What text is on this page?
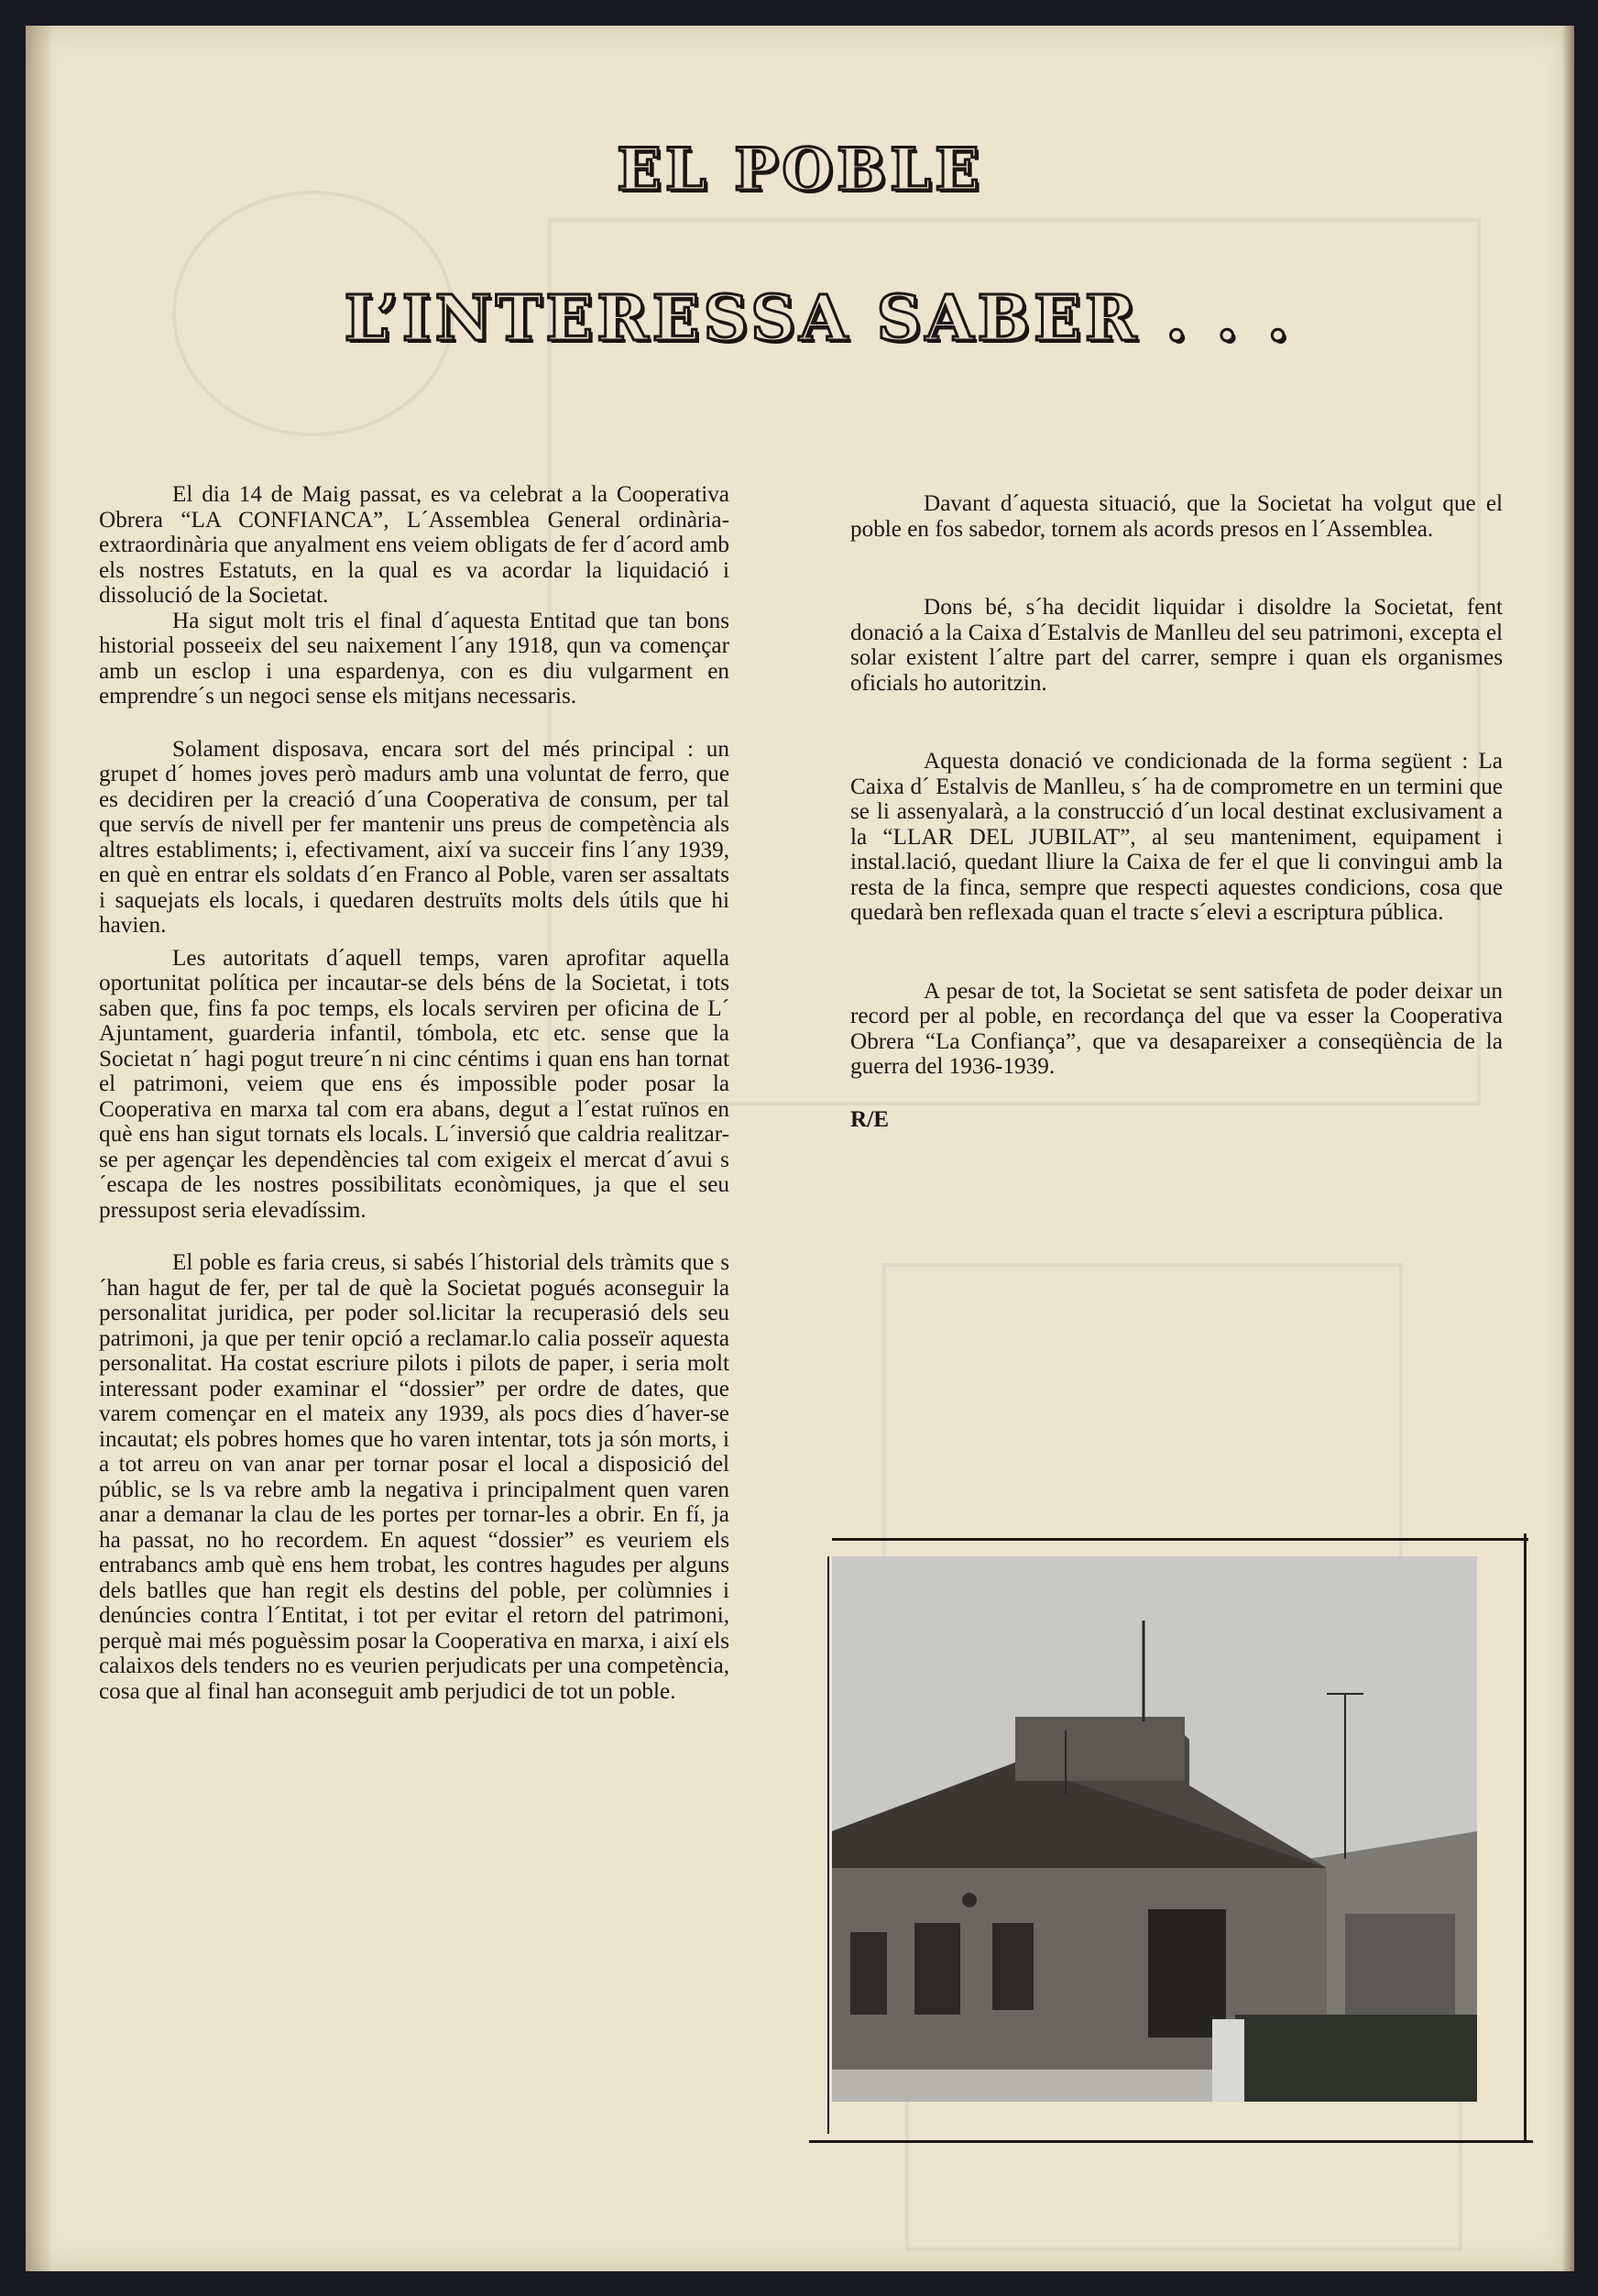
EL POBLE
L’INTERESSA SABER . . .

El dia 14 de Maig passat, es va celebrat a la Cooperativa Obrera “LA CONFIANCA”, L´Assemblea General ordinària- extraordinària que anyalment ens veiem obligats de fer d´acord amb els nostres Estatuts, en la qual es va acordar la liquidació i dissolució de la Societat.

Ha sigut molt tris el final d´aquesta Entitad que tan bons historial posseeix del seu naixement l´any 1918, qun va començar amb un esclop i una espardenya, con es diu vulgarment en emprendre´s un negoci sense els mitjans necessaris.

Solament disposava, encara sort del més principal : un grupet d´ homes joves però madurs amb una voluntat de ferro, que es decidiren per la creació d´una Cooperativa de consum, per tal que servís de nivell per fer mantenir uns preus de competència als altres establiments; i, efectivament, així va succeir fins l´any 1939, en què en entrar els soldats d´en Franco al Poble, varen ser assaltats i saquejats els locals, i quedaren destruïts molts dels útils que hi havien.

Les autoritats d´aquell temps, varen aprofitar aquella oportunitat política per incautar-se dels béns de la Societat, i tots saben que, fins fa poc temps, els locals serviren per oficina de L´ Ajuntament, guarderia infantil, tómbola, etc etc. sense que la Societat n´ hagi pogut treure´n ni cinc céntims i quan ens han tornat el patrimoni, veiem que ens és impossible poder posar la Cooperativa en marxa tal com era abans, degut a l´estat ruïnos en què ens han sigut tornats els locals. L´inversió que caldria realitzar-se per agençar les dependències tal com exigeix el mercat d´avui s´escapa de les nostres possibilitats econòmiques, ja que el seu pressupost seria elevadíssim.

El poble es faria creus, si sabés l´historial dels tràmits que s´han hagut de fer, per tal de què la Societat pogués aconseguir la personalitat juridica, per poder sol.licitar la recuperasió dels seu patrimoni, ja que per tenir opció a reclamar.lo calia posseïr aquesta personalitat. Ha costat escriure pilots i pilots de paper, i seria molt interessant poder examinar el “dossier” per ordre de dates, que varem començar en el mateix any 1939, als pocs dies d´haver-se incautat; els pobres homes que ho varen intentar, tots ja són morts, i a tot arreu on van anar per tornar posar el local a disposició del públic, se ls va rebre amb la negativa i principalment quen varen anar a demanar la clau de les portes per tornar-les a obrir. En fí, ja ha passat, no ho recordem. En aquest “dossier” es veuriem els entrabancs amb què ens hem trobat, les contres hagudes per alguns dels batlles que han regit els destins del poble, per colùmnies i denúncies contra l´Entitat, i tot per evitar el retorn del patrimoni, perquè mai més poguèssim posar la Cooperativa en marxa, i així els calaixos dels tenders no es veurien perjudicats per una competència, cosa que al final han aconseguit amb perjudici de tot un poble.

Davant d´aquesta situació, que la Societat ha volgut que el poble en fos sabedor, tornem als acords presos en l´Assemblea.

Dons bé, s´ha decidit liquidar i disoldre la Societat, fent donació a la Caixa d´Estalvis de Manlleu del seu patrimoni, excepta el solar existent l´altre part del carrer, sempre i quan els organismes oficials ho autoritzin.

Aquesta donació ve condicionada de la forma següent : La Caixa d´ Estalvis de Manlleu, s´ ha de comprometre en un termini que se li assenyalarà, a la construcció d´un local destinat exclusivament a la “LLAR DEL JUBILAT”, al seu manteniment, equipament i instal.lació, quedant lliure la Caixa de fer el que li convingui amb la resta de la finca, sempre que respecti aquestes condicions, cosa que quedarà ben reflexada quan el tracte s´elevi a escriptura pública.

A pesar de tot, la Societat se sent satisfeta de poder deixar un record per al poble, en recordança del que va esser la Cooperativa Obrera “La Confiança”, que va desapareixer a conseqüència de la guerra del 1936-1939.

R/E
